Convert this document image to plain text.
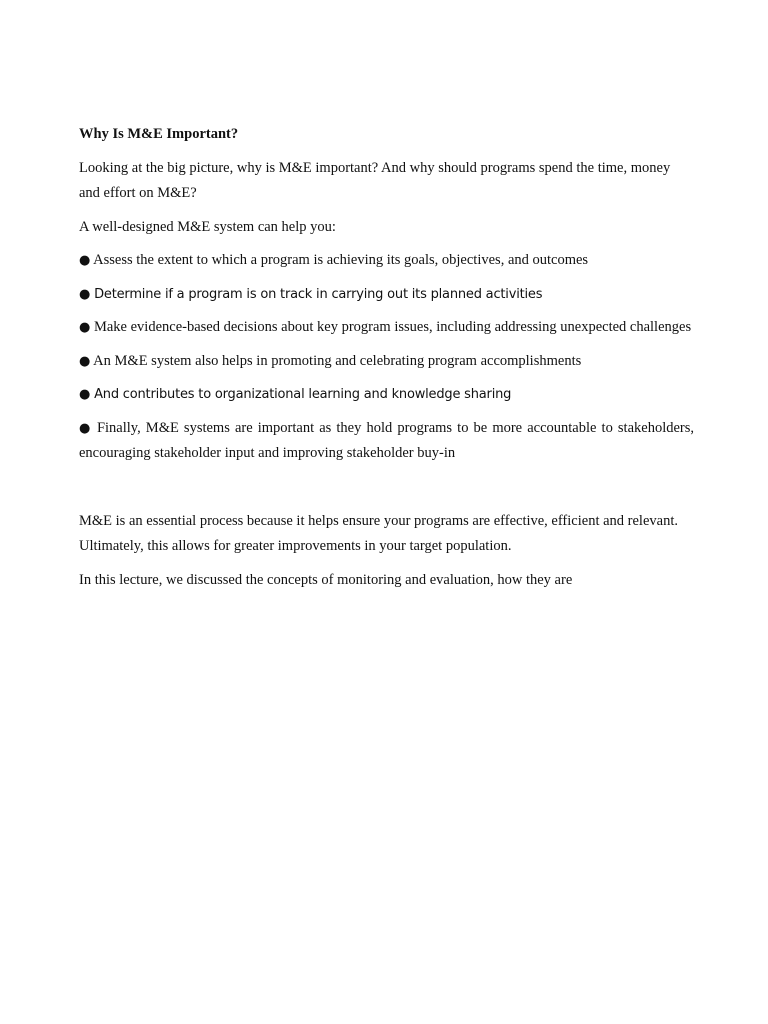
Why Is M&E Important?

Looking at the big picture, why is M&E important? And why should programs spend the time, money and effort on M&E?

A well-designed M&E system can help you:

● Assess the extent to which a program is achieving its goals, objectives, and outcomes

● Determine if a program is on track in carrying out its planned activities

● Make evidence-based decisions about key program issues, including addressing unexpected challenges

● An M&E system also helps in promoting and celebrating program accomplishments

● And contributes to organizational learning and knowledge sharing

● Finally, M&E systems are important as they hold programs to be more accountable to stakeholders, encouraging stakeholder input and improving stakeholder buy-in

M&E is an essential process because it helps ensure your programs are effective, efficient and relevant. Ultimately, this allows for greater improvements in your target population.

In this lecture, we discussed the concepts of monitoring and evaluation, how they are
